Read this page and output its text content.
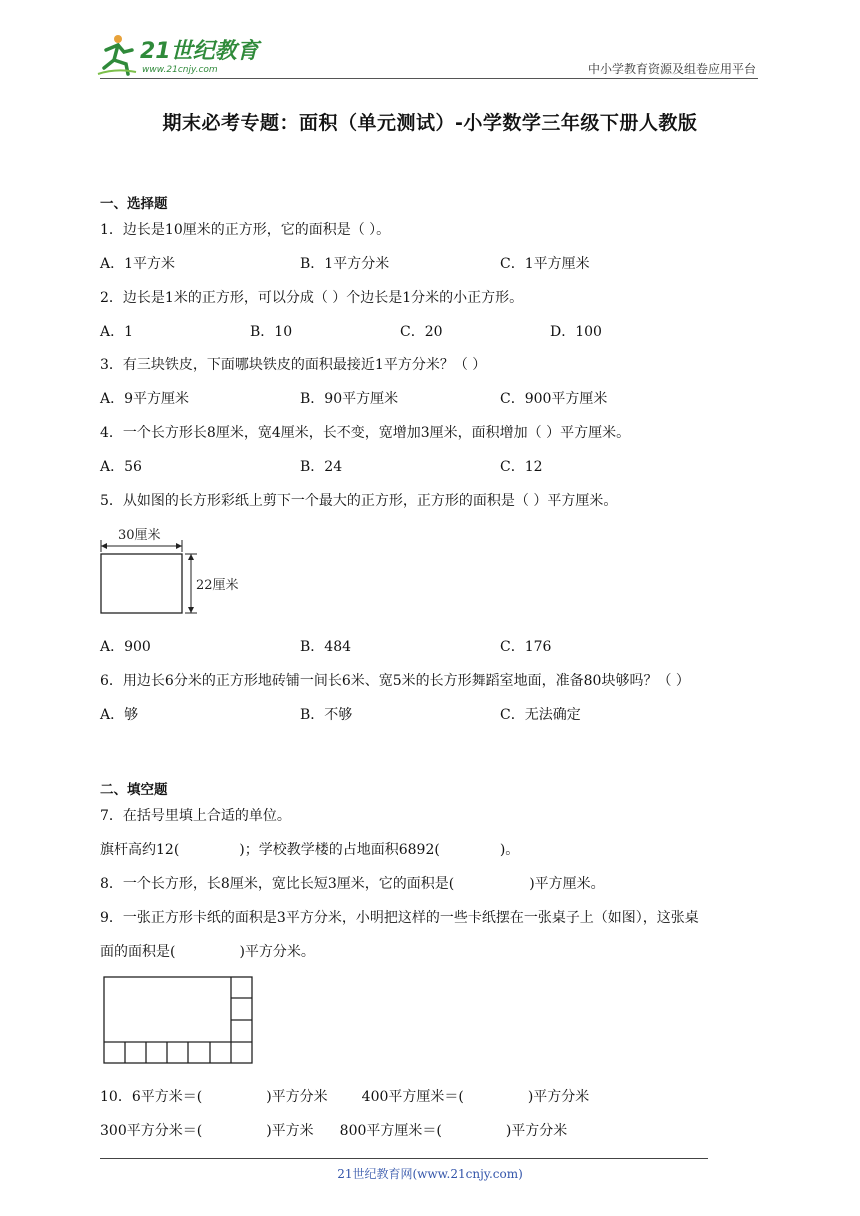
21世纪教育
www.21cnjy.com	中小学教育资源及组卷应用平台
期末必考专题：面积（单元测试）-小学数学三年级下册人教版
一、选择题
1．边长是10厘米的正方形，它的面积是（ ）。
A．1平方米	B．1平方分米	C．1平方厘米
2．边长是1米的正方形，可以分成（ ）个边长是1分米的小正方形。
A．1	B．10	C．20	D．100
3．有三块铁皮，下面哪块铁皮的面积最接近1平方分米？（ ）
A．9平方厘米	B．90平方厘米	C．900平方厘米
4．一个长方形长8厘米，宽4厘米，长不变，宽增加3厘米，面积增加（ ）平方厘米。
A．56	B．24	C．12
5．从如图的长方形彩纸上剪下一个最大的正方形，正方形的面积是（ ）平方厘米。
30厘米
22厘米
A．900	B．484	C．176
6．用边长6分米的正方形地砖铺一间长6米、宽5米的长方形舞蹈室地面，准备80块够吗？（ ）
A．够	B．不够	C．无法确定
二、填空题
7．在括号里填上合适的单位。
旗杆高约12(	)；学校教学楼的占地面积6892(	)。
8．一个长方形，长8厘米，宽比长短3厘米，它的面积是(	)平方厘米。
9．一张正方形卡纸的面积是3平方分米，小明把这样的一些卡纸摆在一张桌子上（如图），这张桌
面的面积是(	)平方分米。
10．6平方米＝(	)平方分米 400平方厘米＝(	)平方分米
300平方分米＝(	)平方米 800平方厘米＝(	)平方分米
21世纪教育网(www.21cnjy.com)
